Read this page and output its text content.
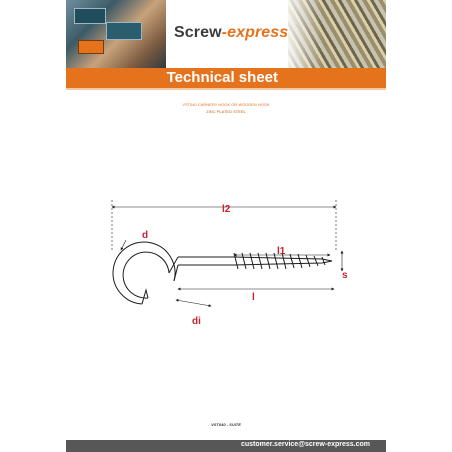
Screw-express
Technical sheet
VST040 CARNERY HOOK OR WOODEN HOOK
ZINC PLATED STEEL
l2
d
l1
s
l
di
VST040 - SUITE
customer.service@screw-express.com
